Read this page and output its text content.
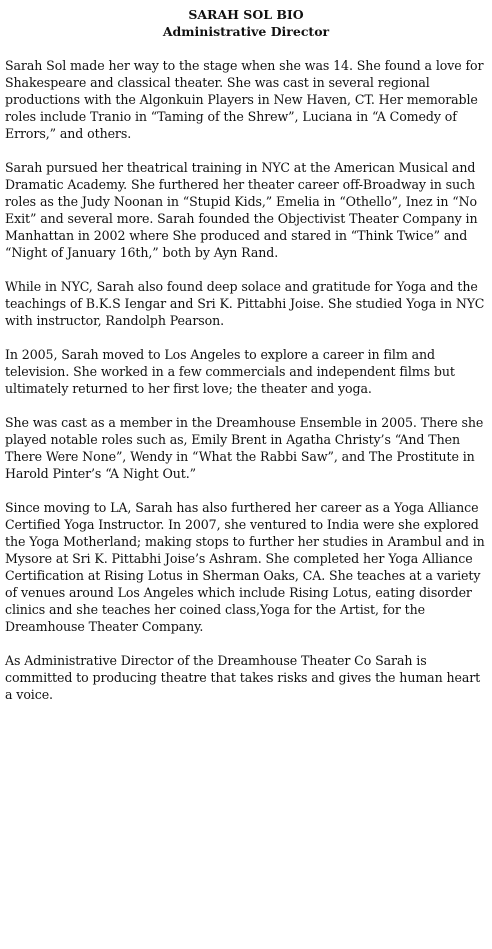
SARAH SOL BIO
Administrative Director

Sarah Sol made her way to the stage when she was 14. She found a love for Shakespeare and classical theater. She was cast in several regional productions with the Algonkuin Players in New Haven, CT. Her memorable roles include Tranio in “Taming of the Shrew”, Luciana in “A Comedy of Errors,” and others.

Sarah pursued her theatrical training in NYC at the American Musical and Dramatic Academy. She furthered her theater career off-Broadway in such roles as the Judy Noonan in “Stupid Kids,” Emelia in “Othello”, Inez in “No Exit” and several more. Sarah founded the Objectivist Theater Company in Manhattan in 2002 where She produced and stared in “Think Twice” and “Night of January 16th,” both by Ayn Rand.

While in NYC, Sarah also found deep solace and gratitude for Yoga and the teachings of B.K.S Iengar and Sri K. Pittabhi Joise. She studied Yoga in NYC with instructor, Randolph Pearson.

In 2005, Sarah moved to Los Angeles to explore a career in film and television. She worked in a few commercials and independent films but ultimately returned to her first love; the theater and yoga.

She was cast as a member in the Dreamhouse Ensemble in 2005. There she played notable roles such as, Emily Brent in Agatha Christy’s “And Then There Were None”, Wendy in “What the Rabbi Saw”, and The Prostitute in Harold Pinter’s “A Night Out.”

Since moving to LA, Sarah has also furthered her career as a Yoga Alliance Certified Yoga Instructor. In 2007, she ventured to India were she explored the Yoga Motherland; making stops to further her studies in Arambul and in Mysore at Sri K. Pittabhi Joise’s Ashram. She completed her Yoga Alliance Certification at Rising Lotus in Sherman Oaks, CA. She teaches at a variety of venues around Los Angeles which include Rising Lotus, eating disorder clinics and she teaches her coined class,Yoga for the Artist, for the Dreamhouse Theater Company.

As Administrative Director of the Dreamhouse Theater Co Sarah is committed to producing theatre that takes risks and gives the human heart a voice.
